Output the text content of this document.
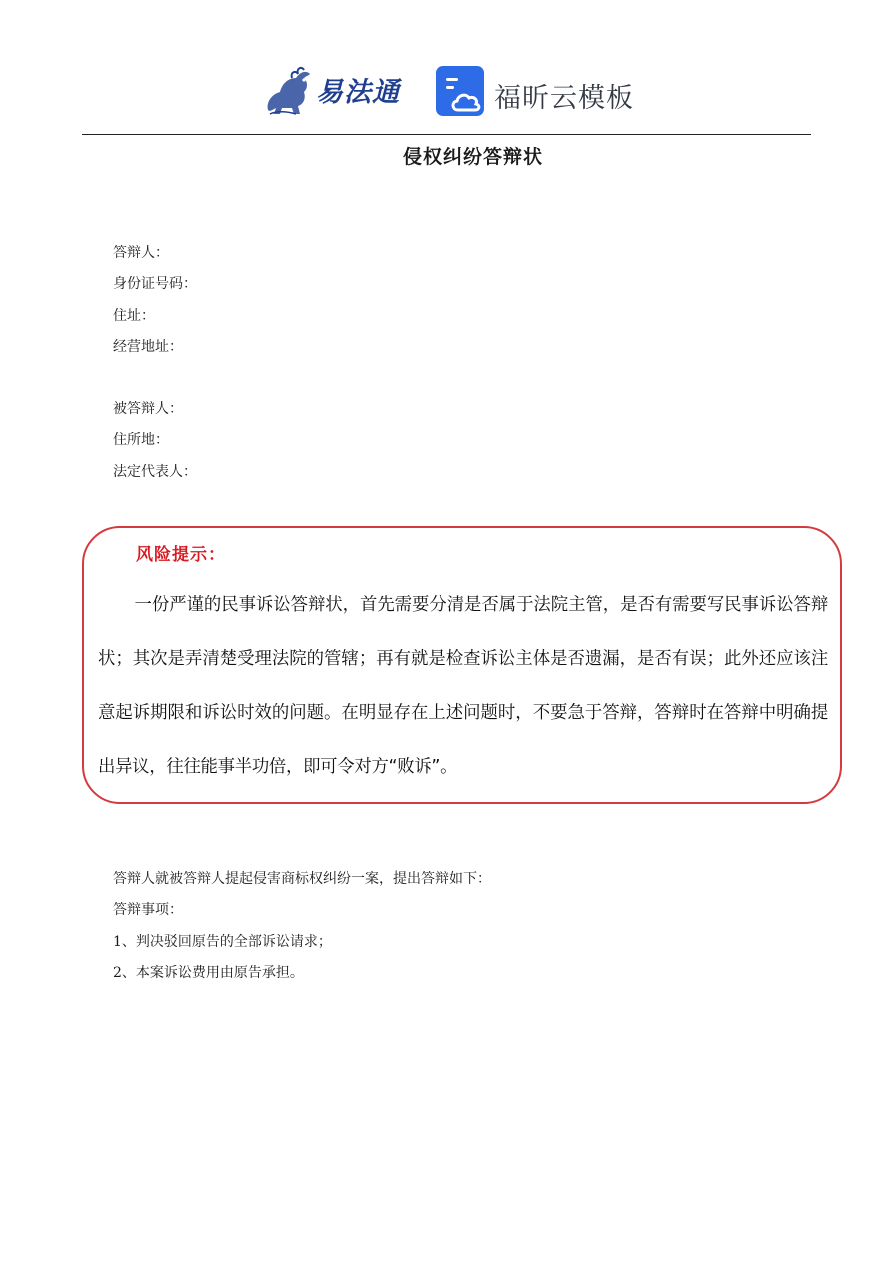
易法通	福昕云模板
侵权纠纷答辩状
答辩人：
身份证号码：
住址：
经营地址：
被答辩人：
住所地：
法定代表人：
风险提示：
一份严谨的民事诉讼答辩状，首先需要分清是否属于法院主管，是否有需要写民事诉讼答辩状；其次是弄清楚受理法院的管辖；再有就是检查诉讼主体是否遗漏，是否有误；此外还应该注意起诉期限和诉讼时效的问题。在明显存在上述问题时，不要急于答辩，答辩时在答辩中明确提出异议，往往能事半功倍，即可令对方“败诉”。
答辩人就被答辩人提起侵害商标权纠纷一案，提出答辩如下：
答辩事项：
1、判决驳回原告的全部诉讼请求；
2、本案诉讼费用由原告承担。
